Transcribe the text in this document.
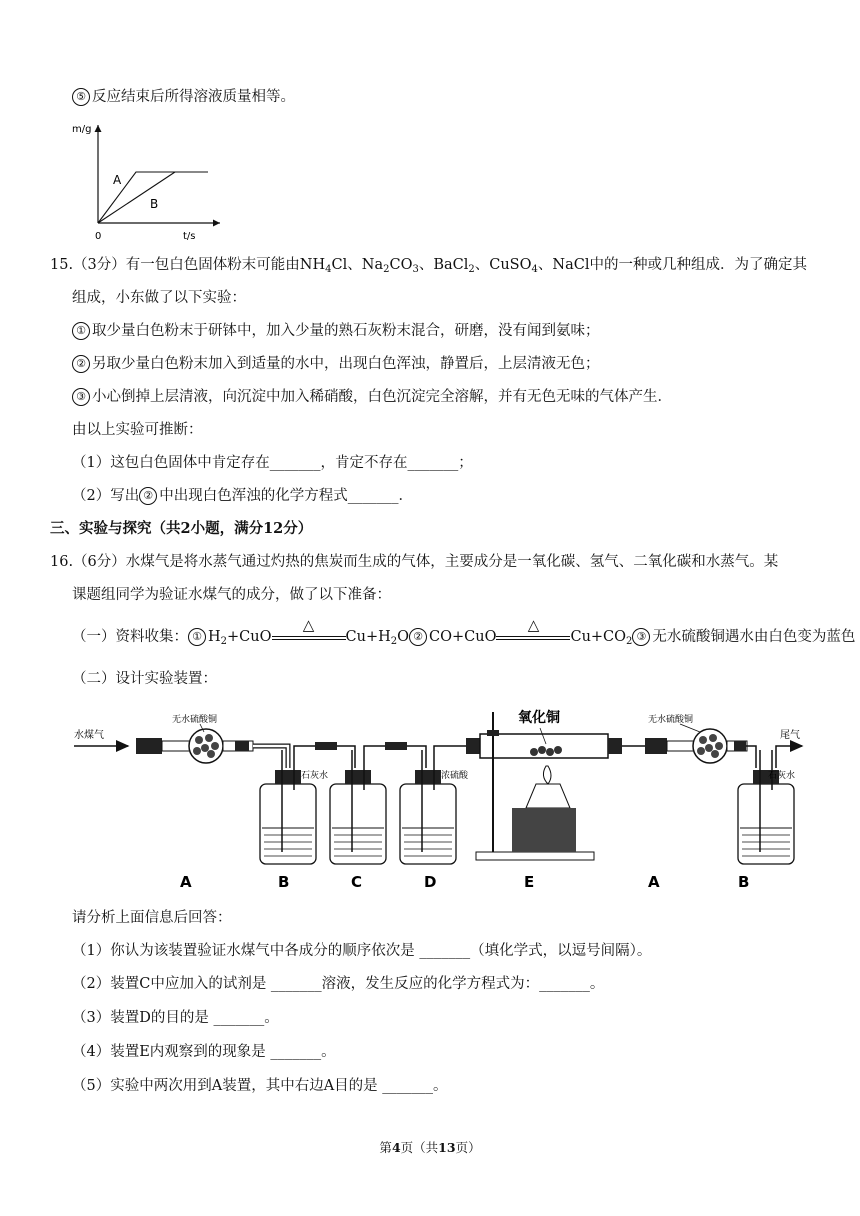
⑤ 反应结束后所得溶液质量相等。
m/g
t/s
0
A
B
15.（3分）有一包白色固体粉末可能由$NH_4Cl$、$Na_2CO_3$、BaCl$_2$、CuSO$_4$、NaCl中的一种或几种组成．为了确定其
组成，小东做了以下实验：
① 取少量白色粉末于研钵中，加入少量的熟石灰粉末混合，研磨，没有闻到氨味；
② 另取少量白色粉末加入到适量的水中，出现白色浑浊，静置后，上层清液无色；
③ 小心倒掉上层清液，向沉淀中加入稀硝酸，白色沉淀完全溶解，并有无色无味的气体产生．
由以上实验可推断：
（1）这包白色固体中肯定存在_______，肯定不存在_______；
（2）写出 ② 中出现白色浑浊的化学方程式_______．
三、实验与探究（共2小题，满分12分）
16.（6分）水煤气是将水蒸气通过灼热的焦炭而生成的气体，主要成分是一氧化碳、氢气、二氧化碳和水蒸气。某
课题组同学为验证水煤气的成分，做了以下准备：
（一）资料收集： ① $H_2+CuO$
△
$Cu+H_2O$ ② CO+CuO
△
$Cu+CO_2$ ③ 无水硫酸铜遇水由白色变为蓝色
（二）设计实验装置：
水煤气
无水硫酸铜
石灰水	浓硫酸
氧化铜	无水硫酸铜
尾气
石灰水
A	B	C	D	E	A	B
请分析上面信息后回答：
（1）你认为该装置验证水煤气中各成分的顺序依次是 _______（填化学式，以逗号间隔）。
（2）装置C中应加入的试剂是 _______溶液，发生反应的化学方程式为：_______。
（3）装置D的目的是 _______。
（4）装置E内观察到的现象是 _______。
（5）实验中两次用到A装置，其中右边A目的是 _______。
第4页（共13页）
